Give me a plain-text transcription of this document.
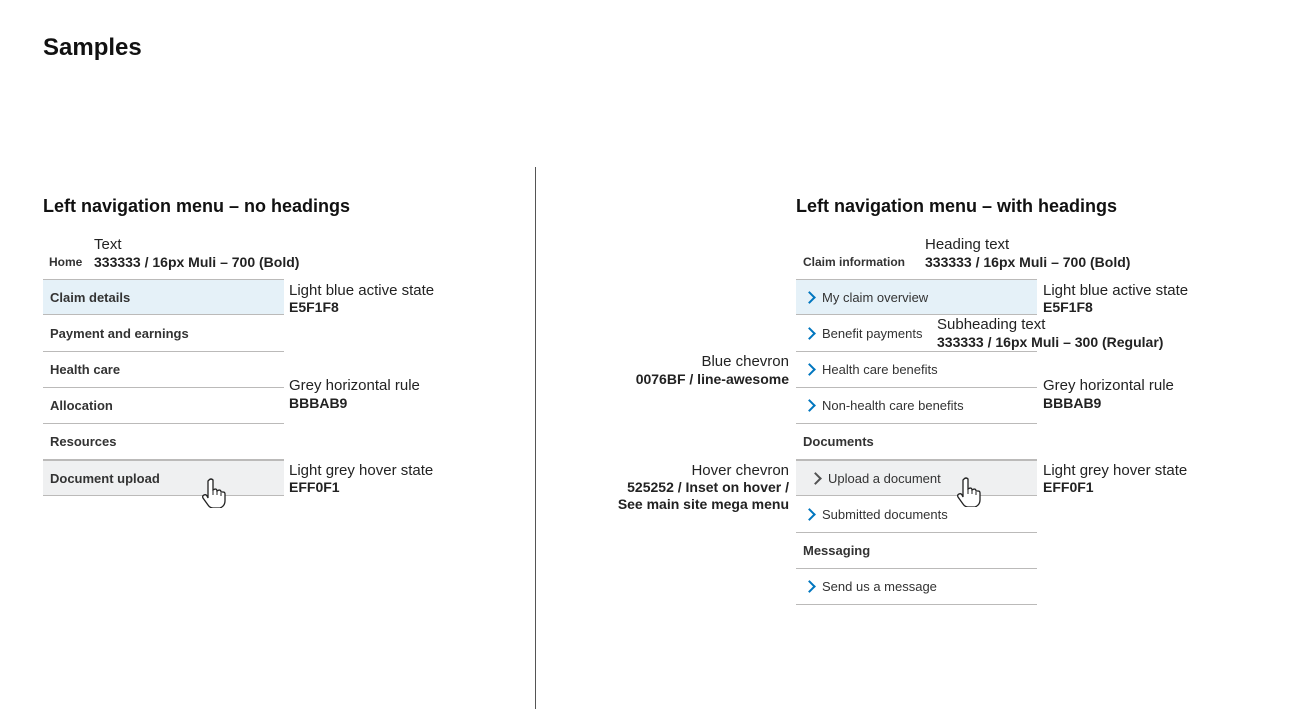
Samples
Left navigation menu – no headings
Text
Home 333333 / 16px Muli – 700 (Bold)
Claim details
Payment and earnings
Health care
Allocation
Resources
Document upload
Light blue active state
E5F1F8
Grey horizontal rule
BBBAB9
Light grey hover state
EFF0F1
Left navigation menu – with headings
Heading text
Claim information 333333 / 16px Muli – 700 (Bold)
My claim overview
Benefit payments
Health care benefits
Non-health care benefits
Documents
Upload a document
Submitted documents
Messaging
Send us a message
Light blue active state
E5F1F8
Subheading text
333333 / 16px Muli – 300 (Regular)
Grey horizontal rule
BBBAB9
Light grey hover state
EFF0F1
Blue chevron
0076BF / line-awesome
Hover chevron
525252 / Inset on hover /
See main site mega menu
